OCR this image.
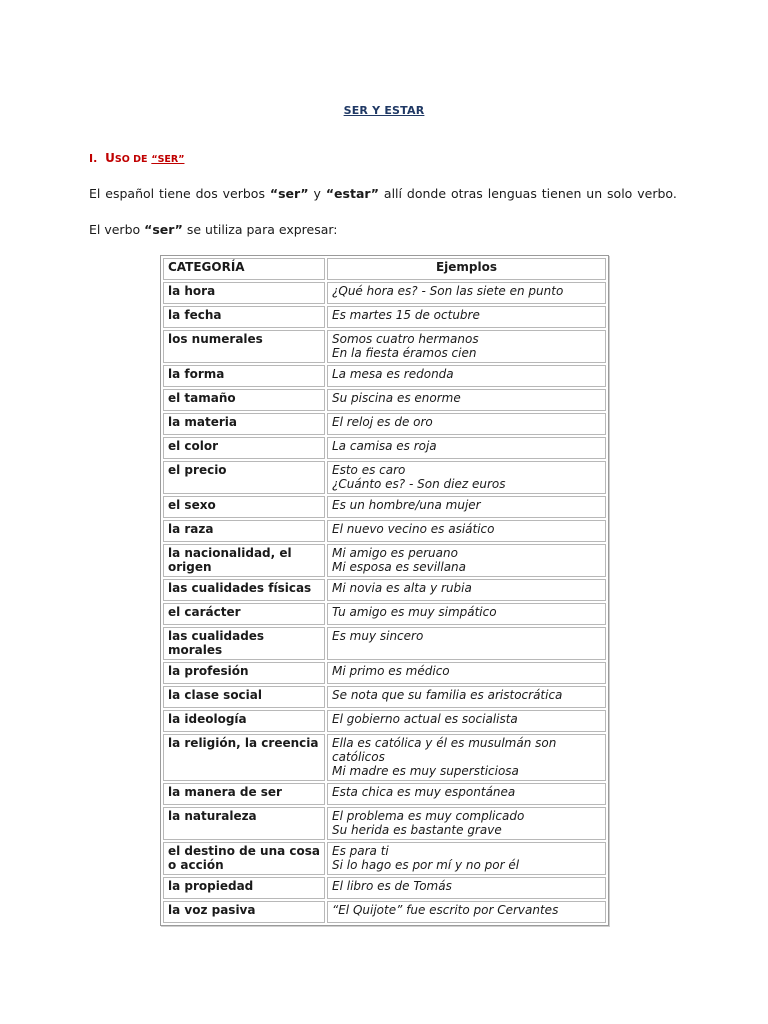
SER Y ESTAR
I. USO DE “SER”
El español tiene dos verbos “ser” y “estar” allí donde otras lenguas tienen un solo verbo.
El verbo “ser” se utiliza para expresar:
CATEGORÍA	Ejemplos
la hora	¿Qué hora es? - Son las siete en punto

la fecha	Es martes 15 de octubre

los numerales	Somos cuatro hermanos
En la fiesta éramos cien

la forma	La mesa es redonda

el tamaño	Su piscina es enorme

la materia	El reloj es de oro

el color	La camisa es roja

el precio	Esto es caro
¿Cuánto es? - Son diez euros

el sexo	Es un hombre/una mujer

la raza	El nuevo vecino es asiático

la nacionalidad, el origen	Mi amigo es peruano
Mi esposa es sevillana

las cualidades físicas	Mi novia es alta y rubia

el carácter	Tu amigo es muy simpático

las cualidades morales	Es muy sincero

la profesión	Mi primo es médico

la clase social	Se nota que su familia es aristocrática

la ideología	El gobierno actual es socialista

la religión, la creencia	Ella es católica y él es musulmán son católicos
Mi madre es muy supersticiosa

la manera de ser	Esta chica es muy espontánea

la naturaleza	El problema es muy complicado
Su herida es bastante grave

el destino de una cosa o acción	Es para ti
Si lo hago es por mí y no por él

la propiedad	El libro es de Tomás

la voz pasiva	“El Quijote” fue escrito por Cervantes
